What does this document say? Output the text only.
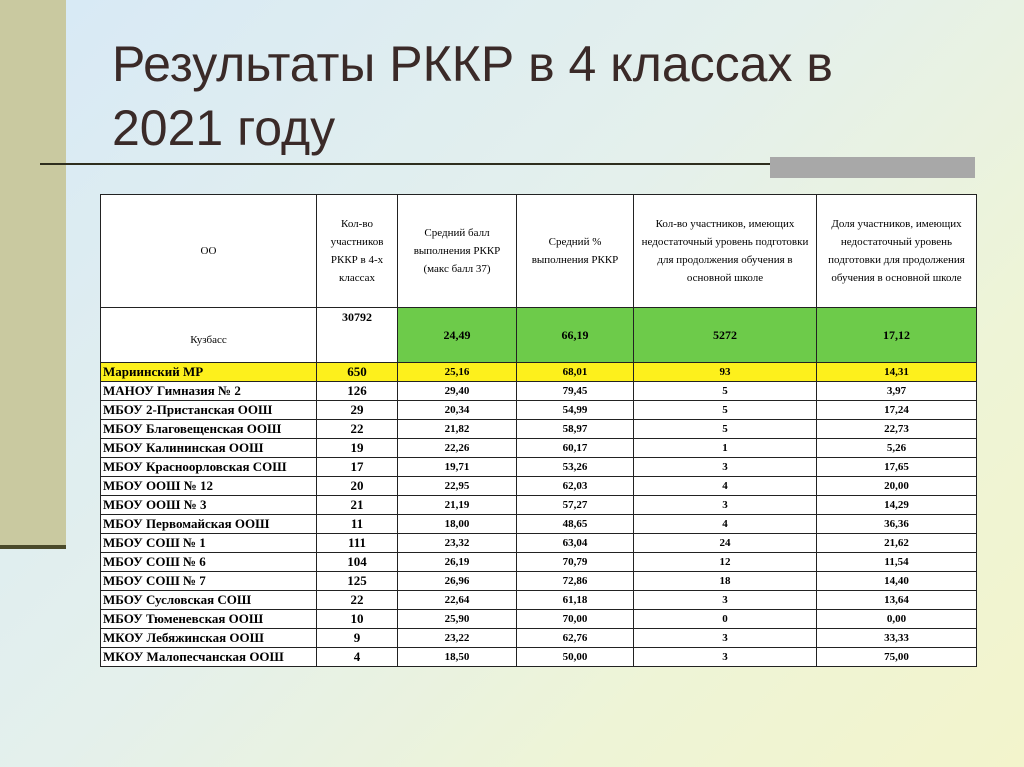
Результаты РККР в 4 классах в 2021 году
ОО	Кол-во участников РККР в 4-х классах	Средний балл выполнения РККР (макс балл 37)	Средний % выполнения РККР	Кол-во участников, имеющих недостаточный уровень подготовки для продолжения обучения в основной школе	Доля участников, имеющих недостаточный уровень подготовки для продолжения обучения в основной школе
Кузбасс	30792	24,49	66,19	5272	17,12
Мариинский МР	650	25,16	68,01	93	14,31
МАНОУ Гимназия № 2	126	29,40	79,45	5	3,97
МБОУ 2-Пристанская ООШ	29	20,34	54,99	5	17,24
МБОУ Благовещенская ООШ	22	21,82	58,97	5	22,73
МБОУ Калининская ООШ	19	22,26	60,17	1	5,26
МБОУ Красноорловская СОШ	17	19,71	53,26	3	17,65
МБОУ ООШ № 12	20	22,95	62,03	4	20,00
МБОУ ООШ № 3	21	21,19	57,27	3	14,29
МБОУ Первомайская ООШ	11	18,00	48,65	4	36,36
МБОУ СОШ № 1	111	23,32	63,04	24	21,62
МБОУ СОШ № 6	104	26,19	70,79	12	11,54
МБОУ СОШ № 7	125	26,96	72,86	18	14,40
МБОУ Сусловская СОШ	22	22,64	61,18	3	13,64
МБОУ Тюменевская ООШ	10	25,90	70,00	0	0,00
МКОУ Лебяжинская ООШ	9	23,22	62,76	3	33,33
МКОУ Малопесчанская ООШ	4	18,50	50,00	3	75,00
